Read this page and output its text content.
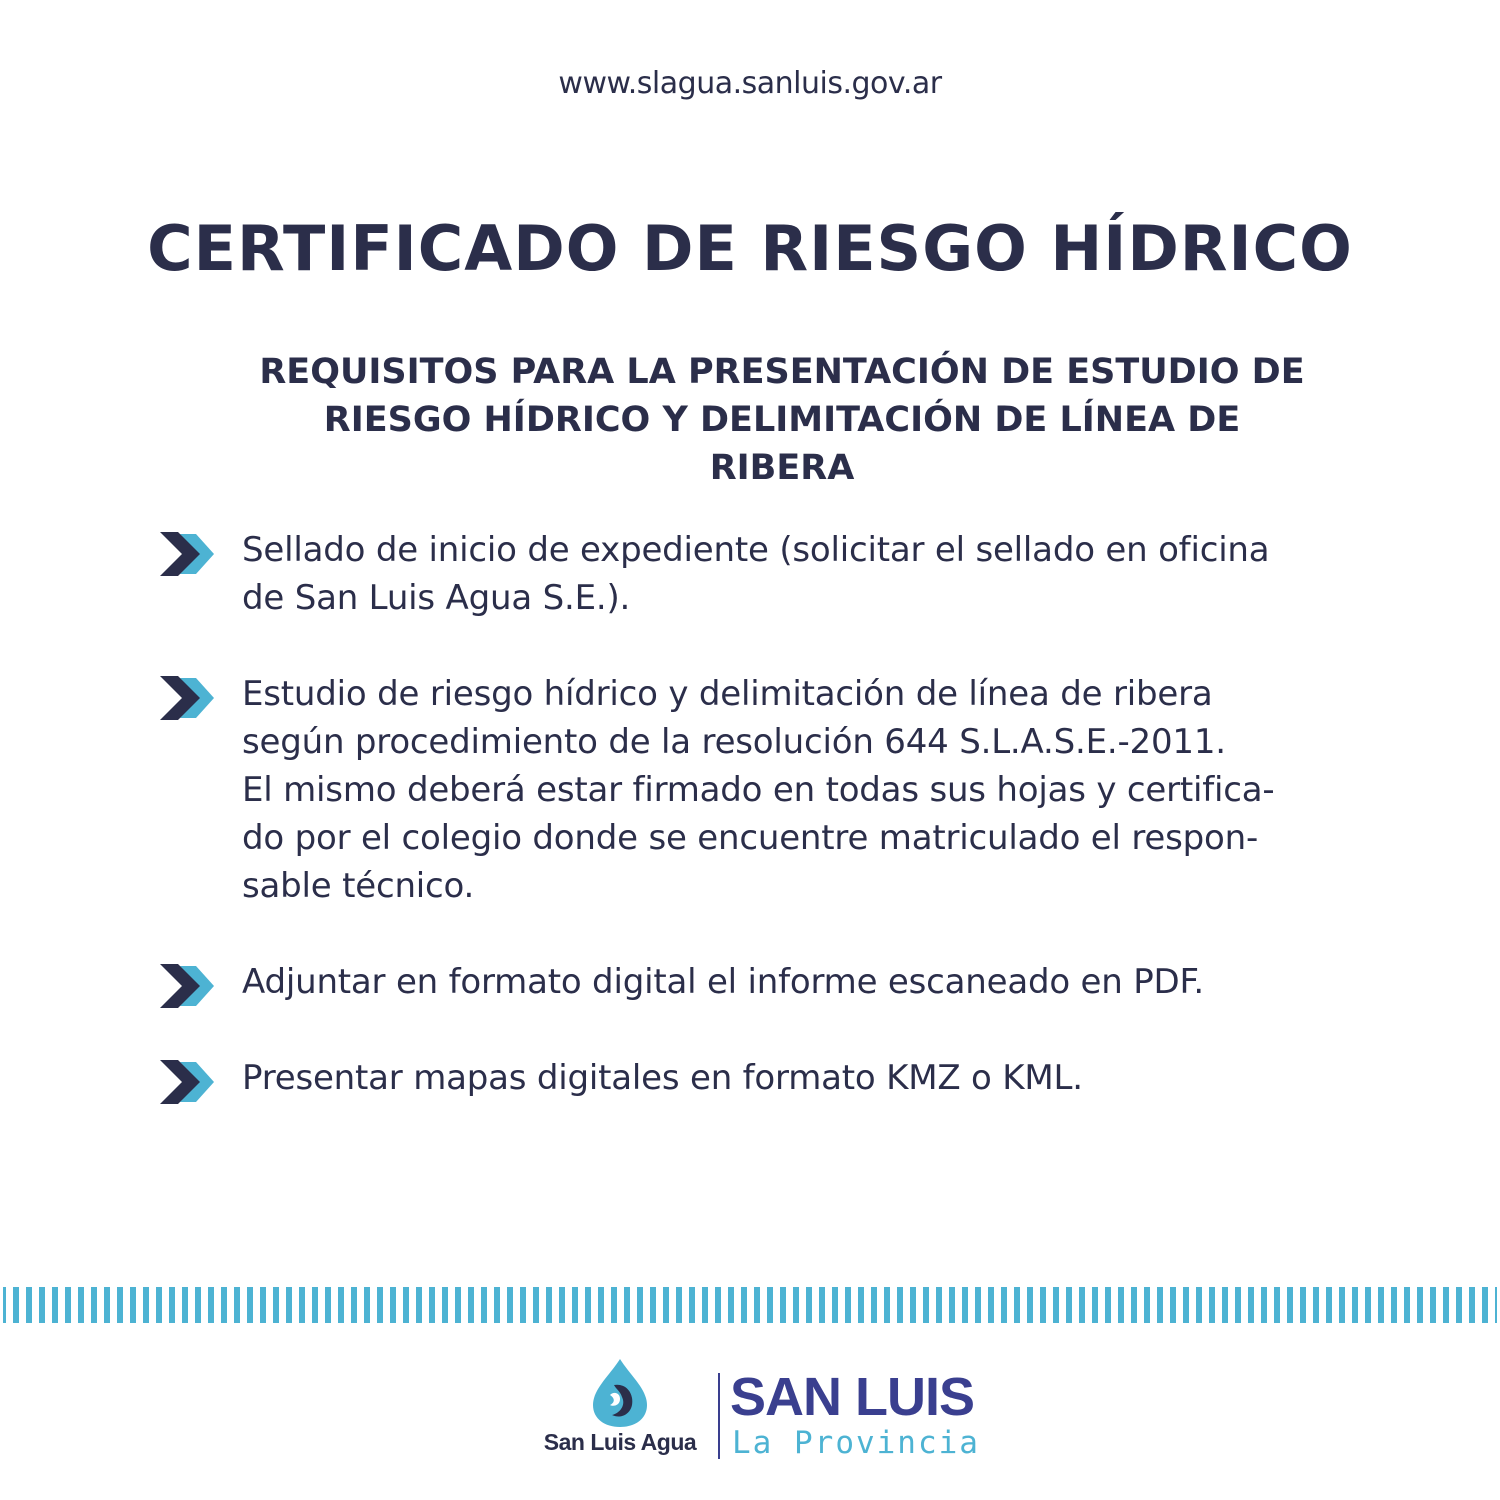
www.slagua.sanluis.gov.ar
CERTIFICADO DE RIESGO HÍDRICO
REQUISITOS PARA LA PRESENTACIÓN DE ESTUDIO DE
RIESGO HÍDRICO Y DELIMITACIÓN DE LÍNEA DE RIBERA
Sellado de inicio de expediente (solicitar el sellado en oficina
de San Luis Agua S.E.).
Estudio de riesgo hídrico y delimitación de línea de ribera
según procedimiento de la resolución 644 S.L.A.S.E.-2011.
El mismo deberá estar firmado en todas sus hojas y certifica-
do por el colegio donde se encuentre matriculado el respon-
sable técnico.
Adjuntar en formato digital el informe escaneado en PDF.
Presentar mapas digitales en formato KMZ o KML.
San Luis Agua
SAN LUIS
La Provincia
